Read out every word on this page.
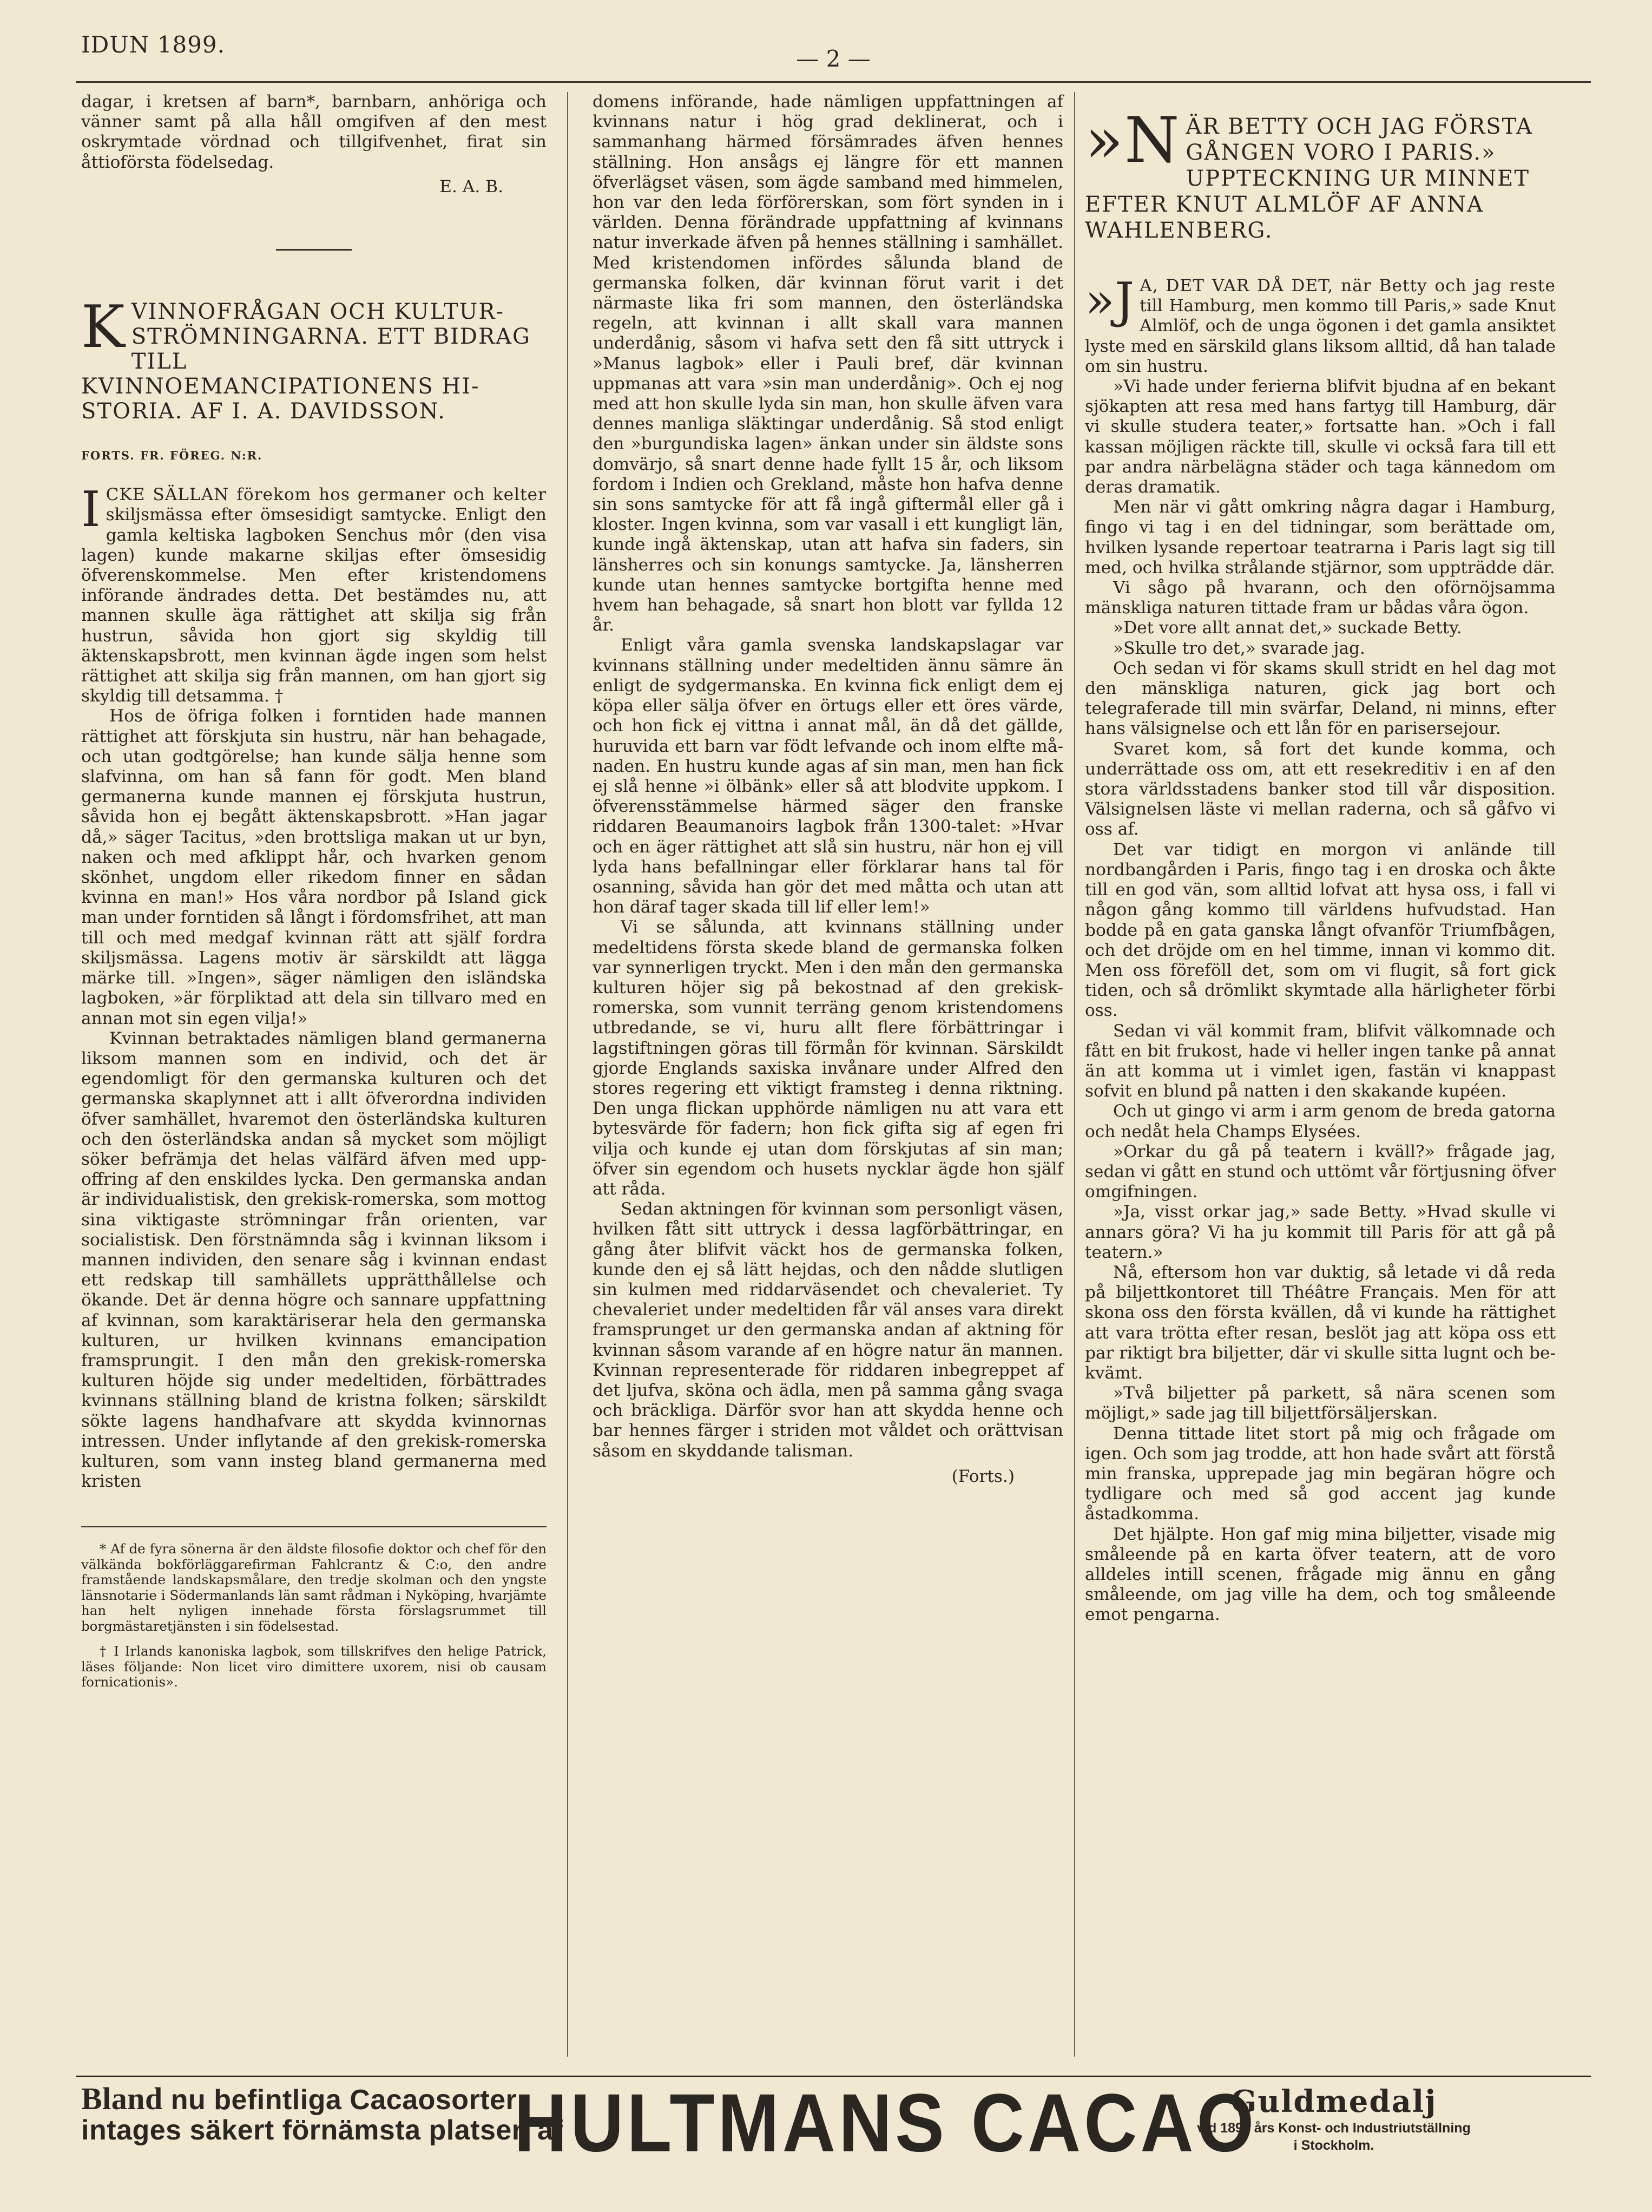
IDUN 1899.
— 2 —

dagar, i kretsen af barn*, barnbarn, anhöriga och vänner samt på alla håll omgifven af den mest oskrymtade vördnad och tillgifvenhet, firat sin åttioförsta födelsedag.

E. A. B.

KVINNOFRÅGAN OCH KULTURSTRÖMNINGARNA. ETT BIDRAG TILL KVINNOEMANCIPATIONENS HISTORIA. AF I. A. DAVIDSSON.

FORTS. FR. FÖREG. N:R.

ICKE SÄLLAN förekom hos germaner och kelter skiljsmässa efter ömsesidigt samtycke. Enligt den gamla keltiska lagboken Senchus môr (den visa lagen) kunde makarne skiljas efter ömsesidig öfverenskommelse. Men efter kristendomens införande ändrades detta. Det bestämdes nu, att mannen skulle äga rättighet att skilja sig från hustrun, såvida hon gjort sig skyldig till äktenskapsbrott, men kvinnan ägde ingen som helst rättighet att skilja sig från mannen, om han gjort sig skyldig till detsamma. †

Hos de öfriga folken i forntiden hade mannen rättighet att förskjuta sin hustru, när han behagade, och utan godtgörelse; han kunde sälja henne som slafvinna, om han så fann för godt. Men bland germanerna kunde mannen ej förskjuta hustrun, såvida hon ej begått äktenskapsbrott. »Han jagar då,» säger Tacitus, »den brottsliga makan ut ur byn, naken och med afklippt hår, och hvarken genom skönhet, ungdom eller rikedom finner en sådan kvinna en man!» Hos våra nordbor på Island gick man under forntiden så långt i fördomsfrihet, att man till och med medgaf kvinnan rätt att själf fordra skiljsmässa. Lagens motiv är särskildt att lägga märke till. »Ingen», säger nämligen den isländska lagboken, »är förpliktad att dela sin tillvaro med en annan mot sin egen vilja!»

Kvinnan betraktades nämligen bland germanerna liksom mannen som en individ, och det är egendomligt för den germanska kulturen och det germanska skaplynnet att i allt öfverordna individen öfver samhället, hvaremot den österländska kulturen och den österländska andan så mycket som möjligt söker befrämja det helas välfärd äfven med uppoffring af den enskildes lycka. Den germanska andan är individualistisk, den grekisk-romerska, som mottog sina viktigaste strömningar från orienten, var socialistisk. Den förstnämnda såg i kvinnan liksom i mannen individen, den senare såg i kvinnan endast ett redskap till samhällets upprätthållelse och ökande. Det är denna högre och sannare uppfattning af kvinnan, som karaktäriserar hela den germanska kulturen, ur hvilken kvinnans emancipation framsprungit. I den mån den grekisk-romerska kulturen höjde sig under medeltiden, förbättrades kvinnans ställning bland de kristna folken; särskildt sökte lagens handhafvare att skydda kvinnornas intressen. Under inflytande af den grekisk-romerska kulturen, som vann insteg bland germanerna med kristen

* Af de fyra sönerna är den äldste filosofie doktor och chef för den välkända bokförläggarefirman Fahlcrantz & C:o, den andre framstående landskapsmålare, den tredje skolman och den yngste länsnotarie i Södermanlands län samt rådman i Nyköping, hvarjämte han helt nyligen innehade första förslagsrummet till borgmästaretjänsten i sin födelsestad.

† I Irlands kanoniska lagbok, som tillskrifves den helige Patrick, läses följande: Non licet viro dimittere uxorem, nisi ob causam fornicationis».

domens införande, hade nämligen uppfattningen af kvinnans natur i hög grad deklinerat, och i sammanhang härmed försämrades äfven hennes ställning. Hon ansågs ej längre för ett mannen öfverlägset väsen, som ägde samband med himmelen, hon var den leda förförerskan, som fört synden in i världen. Denna förändrade uppfattning af kvinnans natur inverkade äfven på hennes ställning i samhället. Med kristendomen infördes sålunda bland de germanska folken, där kvinnan förut varit i det närmaste lika fri som mannen, den österländska regeln, att kvinnan i allt skall vara mannen underdånig, såsom vi hafva sett den få sitt uttryck i »Manus lagbok» eller i Pauli bref, där kvinnan uppmanas att vara »sin man underdånig». Och ej nog med att hon skulle lyda sin man, hon skulle äfven vara dennes manliga släktingar underdånig. Så stod enligt den »burgundiska lagen» änkan under sin äldste sons domvärjo, så snart denne hade fyllt 15 år, och liksom fordom i Indien och Grekland, måste hon hafva denne sin sons samtycke för att få ingå giftermål eller gå i kloster. Ingen kvinna, som var vasall i ett kungligt län, kunde ingå äktenskap, utan att hafva sin faders, sin länsherres och sin konungs samtycke. Ja, länsherren kunde utan hennes samtycke bortgifta henne med hvem han behagade, så snart hon blott var fyllda 12 år.

Enligt våra gamla svenska landskapslagar var kvinnans ställning under medeltiden ännu sämre än enligt de sydgermanska. En kvinna fick enligt dem ej köpa eller sälja öfver en örtugs eller ett öres värde, och hon fick ej vittna i annat mål, än då det gällde, huruvida ett barn var födt lefvande och inom elfte månaden. En hustru kunde agas af sin man, men han fick ej slå henne »i ölbänk» eller så att blodvite uppkom. I öfverensstämmelse härmed säger den franske riddaren Beaumanoirs lagbok från 1300-talet: »Hvar och en äger rättighet att slå sin hustru, när hon ej vill lyda hans befallningar eller förklarar hans tal för osanning, såvida han gör det med måtta och utan att hon däraf tager skada till lif eller lem!»

Vi se sålunda, att kvinnans ställning under medeltidens första skede bland de germanska folken var synnerligen tryckt. Men i den mån den germanska kulturen höjer sig på bekostnad af den grekisk-romerska, som vunnit terräng genom kristendomens utbredande, se vi, huru allt flere förbättringar i lagstiftningen göras till förmån för kvinnan. Särskildt gjorde Englands saxiska invånare under Alfred den stores regering ett viktigt framsteg i denna riktning. Den unga flickan upphörde nämligen nu att vara ett bytesvärde för fadern; hon fick gifta sig af egen fri vilja och kunde ej utan dom förskjutas af sin man; öfver sin egendom och husets nycklar ägde hon själf att råda.

Sedan aktningen för kvinnan som personligt väsen, hvilken fått sitt uttryck i dessa lagförbättringar, en gång åter blifvit väckt hos de germanska folken, kunde den ej så lätt hejdas, och den nådde slutligen sin kulmen med riddarväsendet och chevaleriet. Ty chevaleriet under medeltiden får väl anses vara direkt framsprunget ur den germanska andan af aktning för kvinnan såsom varande af en högre natur än mannen. Kvinnan representerade för riddaren inbegreppet af det ljufva, sköna och ädla, men på samma gång svaga och bräckliga. Därför svor han att skydda henne och bar hennes färger i striden mot våldet och orättvisan såsom en skyddande talisman.

(Forts.)

»N ÄR BETTY OCH JAG FÖRSTA GÅNGEN VORO I PARIS.» UPPTECKNING UR MINNET EFTER KNUT ALMLÖF AF ANNA WAHLENBERG.
»J A, DET VAR DÅ DET, när Betty och jag reste till Hamburg, men kommo till Paris,» sade Knut Almlöf, och de unga ögonen i det gamla ansiktet lyste med en särskild glans liksom alltid, då han talade om sin hustru.

»Vi hade under ferierna blifvit bjudna af en bekant sjökapten att resa med hans fartyg till Hamburg, där vi skulle studera teater,» fortsatte han. »Och i fall kassan möjligen räckte till, skulle vi också fara till ett par andra närbelägna städer och taga kännedom om deras dramatik.

Men när vi gått omkring några dagar i Hamburg, fingo vi tag i en del tidningar, som berättade om, hvilken lysande repertoar teatrarna i Paris lagt sig till med, och hvilka strålande stjärnor, som uppträdde där.

Vi sågo på hvarann, och den oförnöjsamma mänskliga naturen tittade fram ur bådas våra ögon.

»Det vore allt annat det,» suckade Betty.

»Skulle tro det,» svarade jag.

Och sedan vi för skams skull stridt en hel dag mot den mänskliga naturen, gick jag bort och telegraferade till min svärfar, Deland, ni minns, efter hans välsignelse och ett lån för en parisersejour.

Svaret kom, så fort det kunde komma, och underrättade oss om, att ett resekreditiv i en af den stora världsstadens banker stod till vår disposition. Välsignelsen läste vi mellan raderna, och så gåfvo vi oss af.

Det var tidigt en morgon vi anlände till nordbangården i Paris, fingo tag i en droska och åkte till en god vän, som alltid lofvat att hysa oss, i fall vi någon gång kommo till världens hufvudstad. Han bodde på en gata ganska långt ofvanför Triumfbågen, och det dröjde om en hel timme, innan vi kommo dit. Men oss föreföll det, som om vi flugit, så fort gick tiden, och så drömlikt skymtade alla härligheter förbi oss.

Sedan vi väl kommit fram, blifvit välkomnade och fått en bit frukost, hade vi heller ingen tanke på annat än att komma ut i vimlet igen, fastän vi knappast sofvit en blund på natten i den skakande kupéen.

Och ut gingo vi arm i arm genom de breda gatorna och nedåt hela Champs Elysées.

»Orkar du gå på teatern i kväll?» frågade jag, sedan vi gått en stund och uttömt vår förtjusning öfver omgifningen.

»Ja, visst orkar jag,» sade Betty. »Hvad skulle vi annars göra? Vi ha ju kommit till Paris för att gå på teatern.»

Nå, eftersom hon var duktig, så letade vi då reda på biljettkontoret till Théâtre Français. Men för att skona oss den första kvällen, då vi kunde ha rättighet att vara trötta efter resan, beslöt jag att köpa oss ett par riktigt bra biljetter, där vi skulle sitta lugnt och bekvämt.

»Två biljetter på parkett, så nära scenen som möjligt,» sade jag till biljettförsäljerskan.

Denna tittade litet stort på mig och frågade om igen. Och som jag trodde, att hon hade svårt att förstå min franska, upprepade jag min begäran högre och tydligare och med så god accent jag kunde åstadkomma.

Det hjälpte. Hon gaf mig mina biljetter, visade mig småleende på en karta öfver teatern, att de voro alldeles intill scenen, frågade mig ännu en gång småleende, om jag ville ha dem, och tog småleende emot pengarna.

Bland nu befintliga Cacaosorter
intages säkert förnämsta platsen af
HULTMANS CACAO
Guldmedalj
vid 1897 års Konst- och Industriutställning
i Stockholm.
